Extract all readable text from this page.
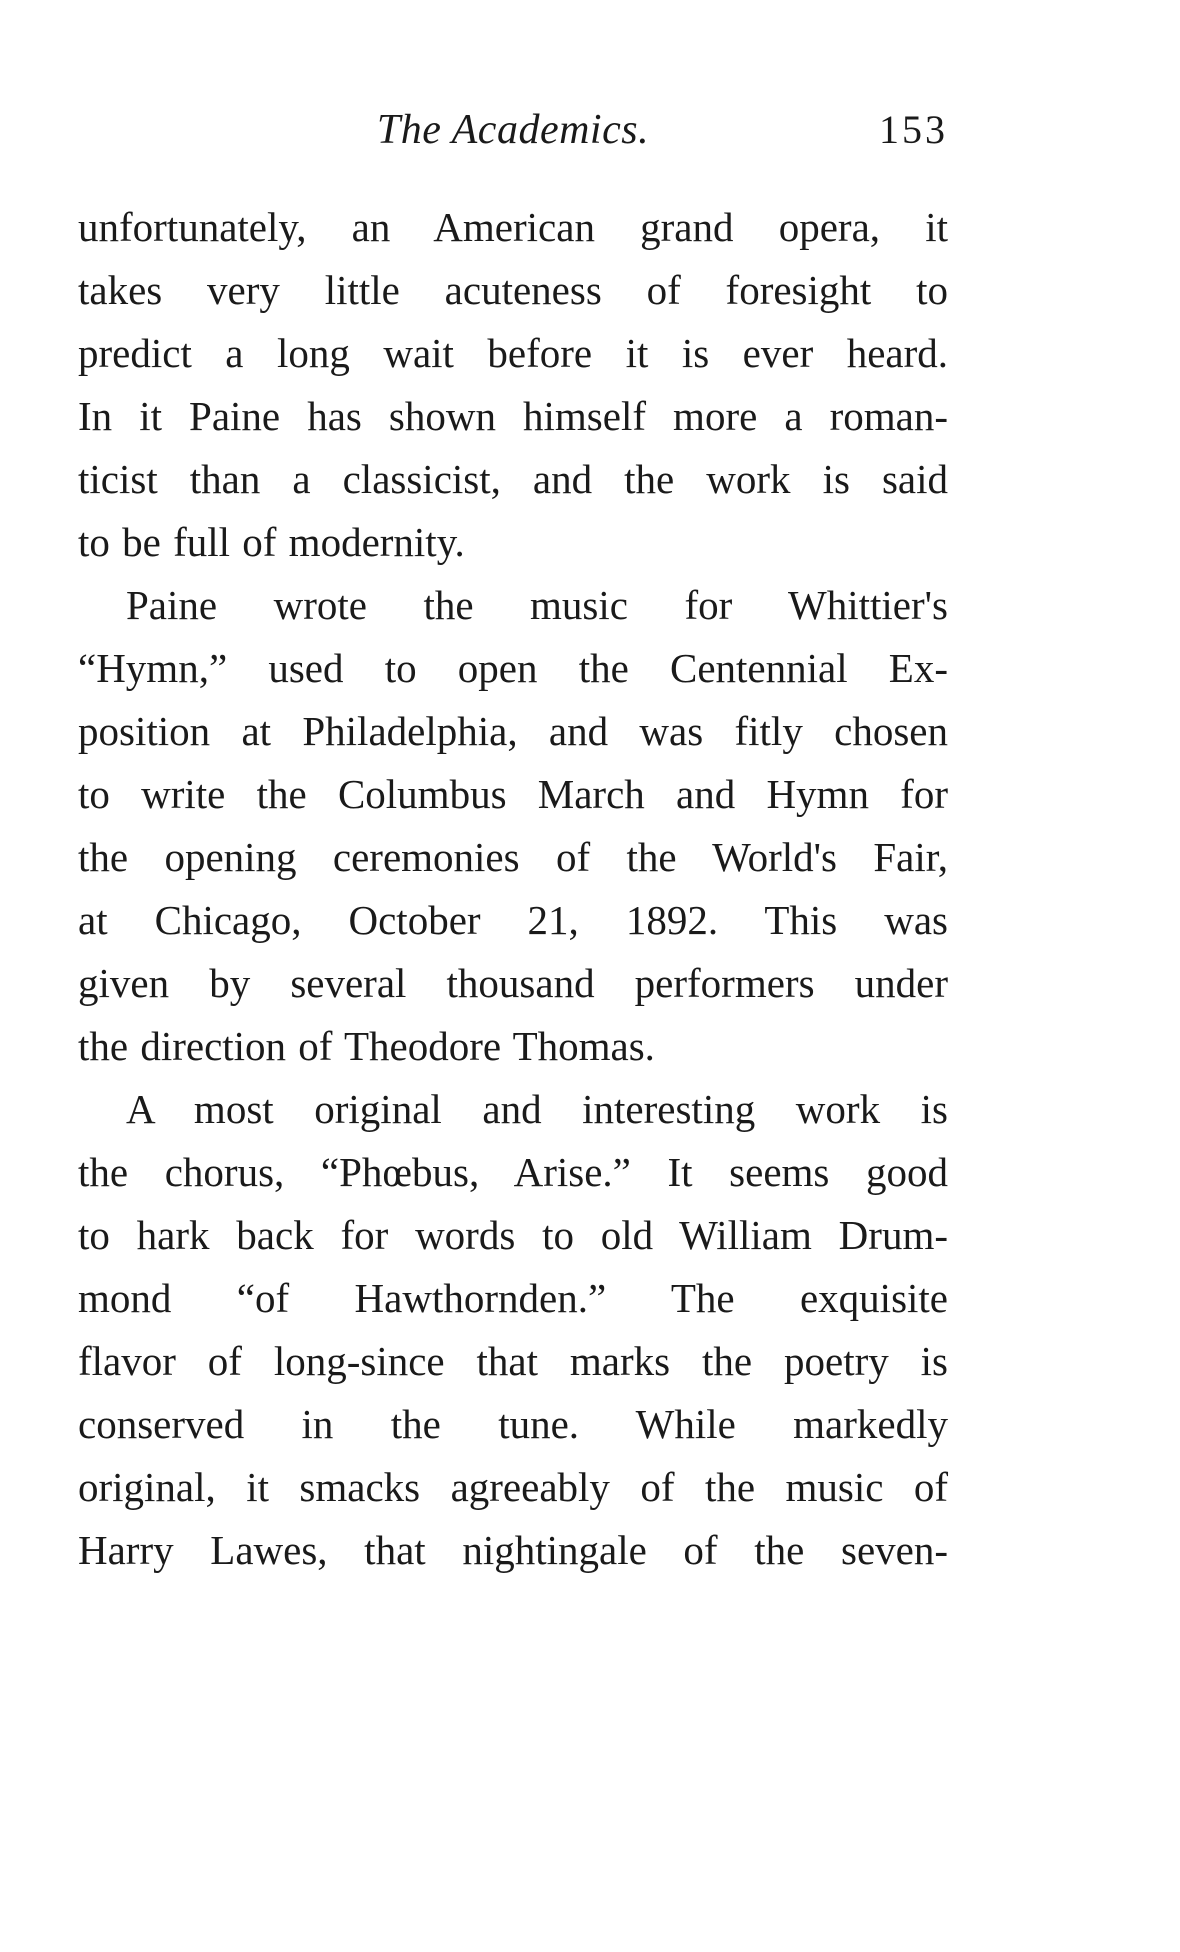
The Academics.	153
unfortunately, an American grand opera, it
takes very little acuteness of foresight to
predict a long wait before it is ever heard.
In it Paine has shown himself more a roman-
ticist than a classicist, and the work is said
to be full of modernity.
Paine wrote the music for Whittier's
“Hymn,” used to open the Centennial Ex-
position at Philadelphia, and was fitly chosen
to write the Columbus March and Hymn for
the opening ceremonies of the World's Fair,
at Chicago, October 21, 1892. This was
given by several thousand performers under
the direction of Theodore Thomas.
A most original and interesting work is
the chorus, “Phœbus, Arise.” It seems good
to hark back for words to old William Drum-
mond “of Hawthornden.” The exquisite
flavor of long-since that marks the poetry is
conserved in the tune. While markedly
original, it smacks agreeably of the music of
Harry Lawes, that nightingale of the seven-
